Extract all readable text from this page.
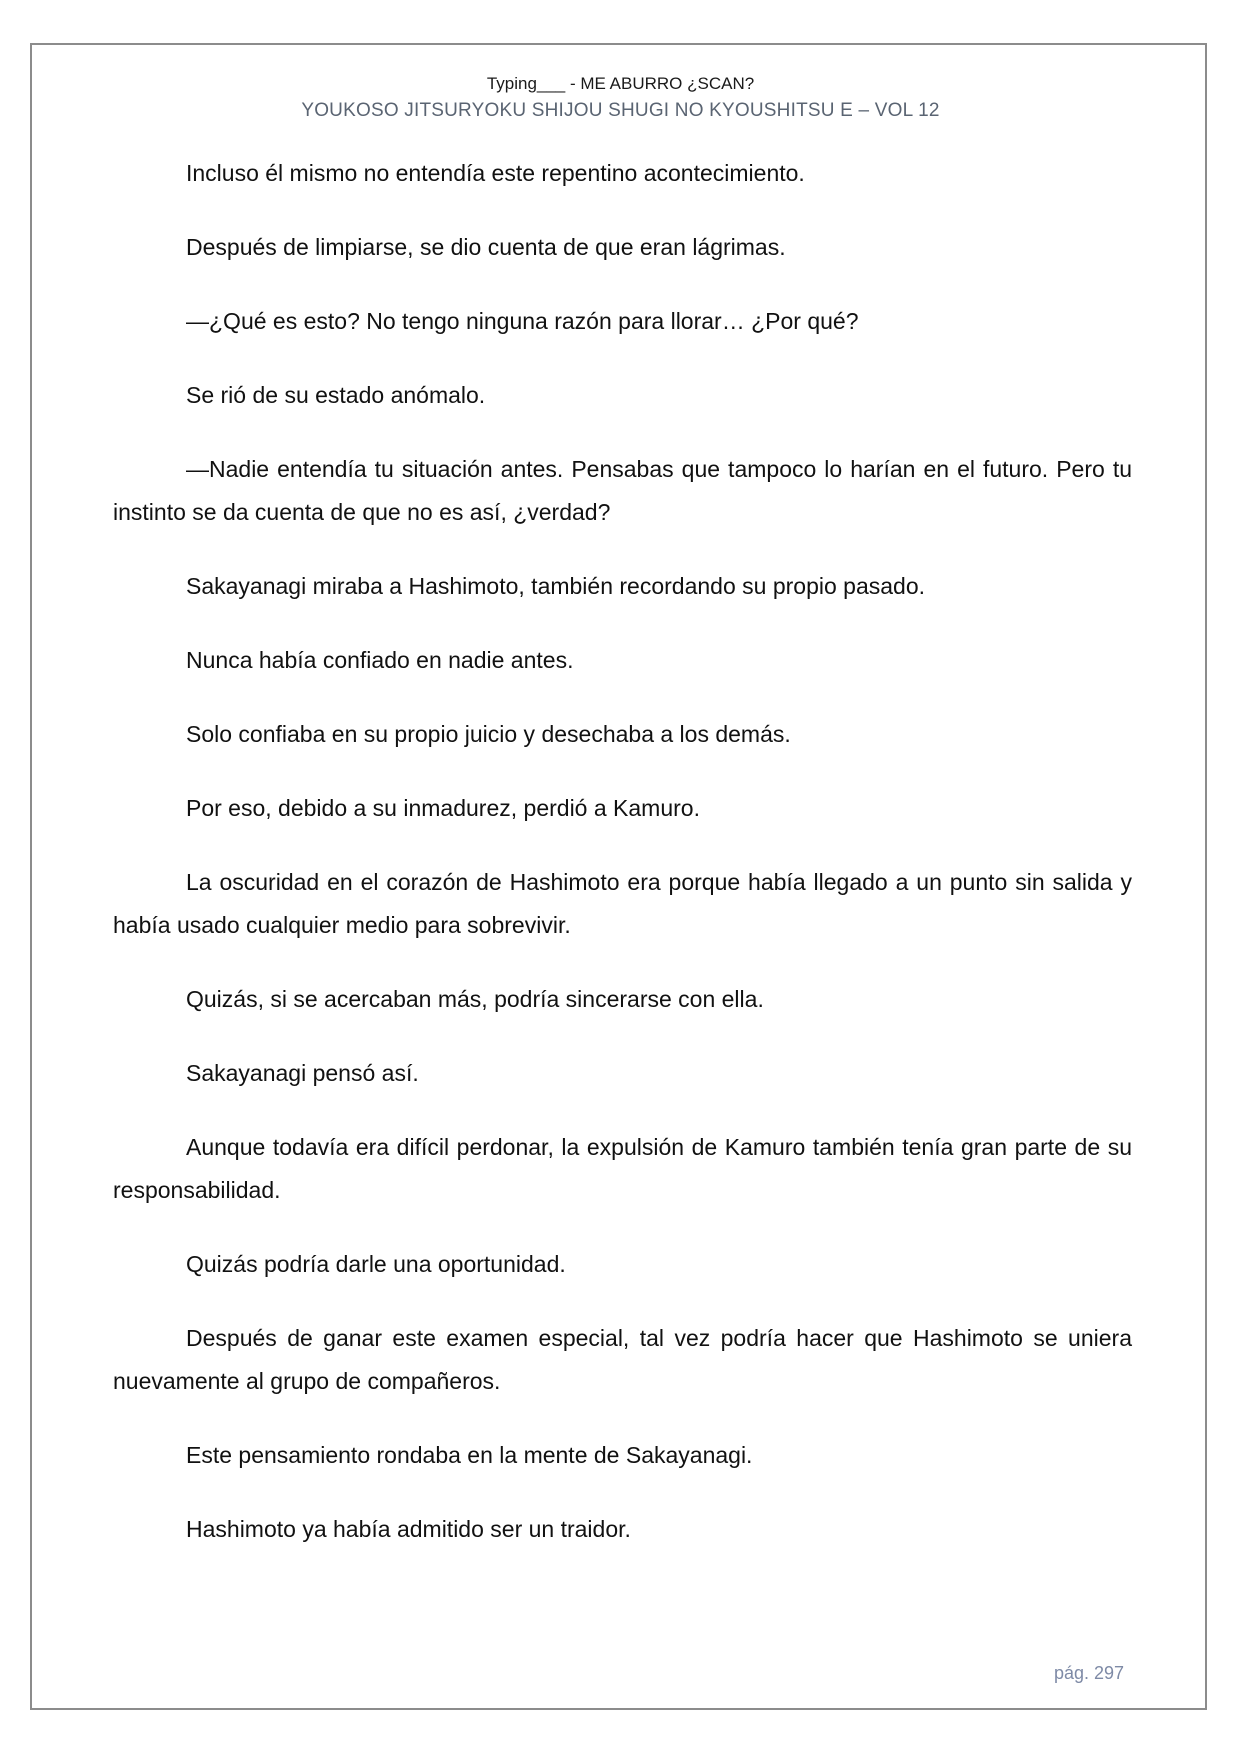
Typing___ - ME ABURRO ¿SCAN?
YOUKOSO JITSURYOKU SHIJOU SHUGI NO KYOUSHITSU E – VOL 12

Incluso él mismo no entendía este repentino acontecimiento.

Después de limpiarse, se dio cuenta de que eran lágrimas.

—¿Qué es esto? No tengo ninguna razón para llorar… ¿Por qué?

Se rió de su estado anómalo.

—Nadie entendía tu situación antes. Pensabas que tampoco lo harían en el futuro. Pero tu instinto se da cuenta de que no es así, ¿verdad?

Sakayanagi miraba a Hashimoto, también recordando su propio pasado.

Nunca había confiado en nadie antes.

Solo confiaba en su propio juicio y desechaba a los demás.

Por eso, debido a su inmadurez, perdió a Kamuro.

La oscuridad en el corazón de Hashimoto era porque había llegado a un punto sin salida y había usado cualquier medio para sobrevivir.

Quizás, si se acercaban más, podría sincerarse con ella.

Sakayanagi pensó así.

Aunque todavía era difícil perdonar, la expulsión de Kamuro también tenía gran parte de su responsabilidad.

Quizás podría darle una oportunidad.

Después de ganar este examen especial, tal vez podría hacer que Hashimoto se uniera nuevamente al grupo de compañeros.

Este pensamiento rondaba en la mente de Sakayanagi.

Hashimoto ya había admitido ser un traidor.

pág. 297
